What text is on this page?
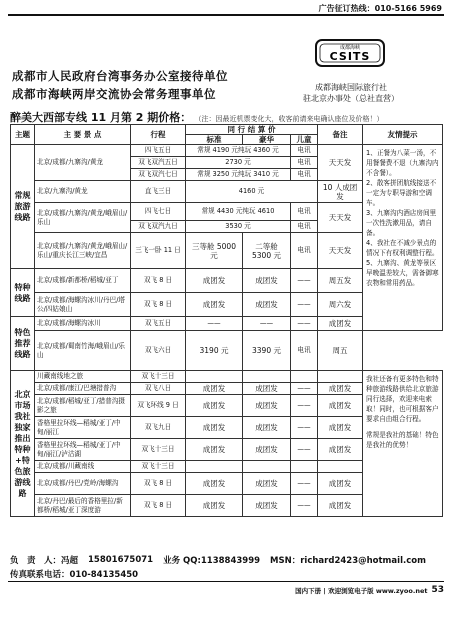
广告征订热线：010-5166 5969
成都市人民政府台湾事务办公室接待单位
成都市海峡两岸交流协会常务理事单位
成都海峡
CSITS
成都海峡国际旅行社
驻北京办事处（总社直营）
醉美大西部专线 11 月第 2 期价格： （注：因最近机票变化大，收客前请来电确认座位及价格！）
主题	主 要 景 点	行程	同 行 结 算 价			备注	友情提示
			标准	豪华	儿童		
常规旅游线路	北京/成都/九寨沟/黄龙	四飞五日	常规 4190 元纯玩 4360 元		电讯	天天发	1、正餐为八菜一汤，不用餐餐费不退（九寨沟内不含餐）。
2、散客拼团航线接送不一定为专职导游和空调车。
3、九寨沟内酒店房间里一次性洗漱用品，请自备。
4、我社在不减少景点的情况下有权利调整行程。
5、九寨沟、黄龙等景区早晚温差较大，需备御寒衣物和常用药品。

		双飞双汽五日	2730 元		电讯		
		双飞双汽七日	常规 3250 元纯玩 3410 元		电讯		
	北京/九寨沟/黄龙	直飞三日	4160 元			10 人成团发	
	北京/成都/九寨沟/黄龙/峨眉山/乐山	四飞七日	常规 4430 元纯玩 4610		电讯	天天发	
		双飞双汽九日	3530 元		电讯		
	北京/成都/九寨沟/黄龙/峨眉山/乐山/重庆长江三峡/宜昌	三飞一卧 11 日	三等舱 5000 元	二等舱 5300 元	电讯	天天发	
特种线路	北京/成都/新都桥/稻城/亚丁	双飞 8 日	成团发	成团发	——	周五发	
	北京/成都/海螺沟冰川/丹巴/塔公/四姑娘山	双飞 8 日	成团发	成团发	——	周六发	
特色推荐线路	北京/成都/海螺沟冰川	双飞五日	——	——	——	成团发	
	北京/成都/蜀南竹海/峨眉山/乐山	双飞六日	3190 元	3390 元	电讯	周五	
北京市场我社独家推出特种+特色旅游线路	川藏南线地之旅	双飞十三日					我社还备有更多特色和特种旅游线路供给北京旅游同行选择，欢迎来电索取！同时，也可根据客户要求自由组合行程。
常规是我社的基础！特色是我社的优势！

	北京/成都/康江/巴塘措普沟	双飞八日	成团发	成团发	——	成团发	
	北京/成都/稻城/亚丁/措普沟摄影之旅	双飞环线 9 日	成团发	成团发	——	成团发	
	香格里拉环线—稻城/亚丁/中甸/丽江	双飞九日	成团发	成团发	——	成团发	
	香格里拉环线—稻城/亚丁/中甸/丽江/泸沽湖	双飞十三日	成团发	成团发	——	成团发	
	北京/成都/川藏南线	双飞十三日					
	北京/成都/丹巴/党岭/海螺沟	双飞 8 日	成团发	成团发	——	成团发	
	北京/丹巴/最后的香格里拉/新都桥/稻城/亚丁深度游	双飞 8 日	成团发	成团发	——	成团发	
负　责　人：冯超 15801675071 业务 QQ:1138843999 MSN：richard2423@hotmail.com
传真联系电话：010-84135450
国内下册 | 欢迎浏览电子版 www.zyoo.net 53
